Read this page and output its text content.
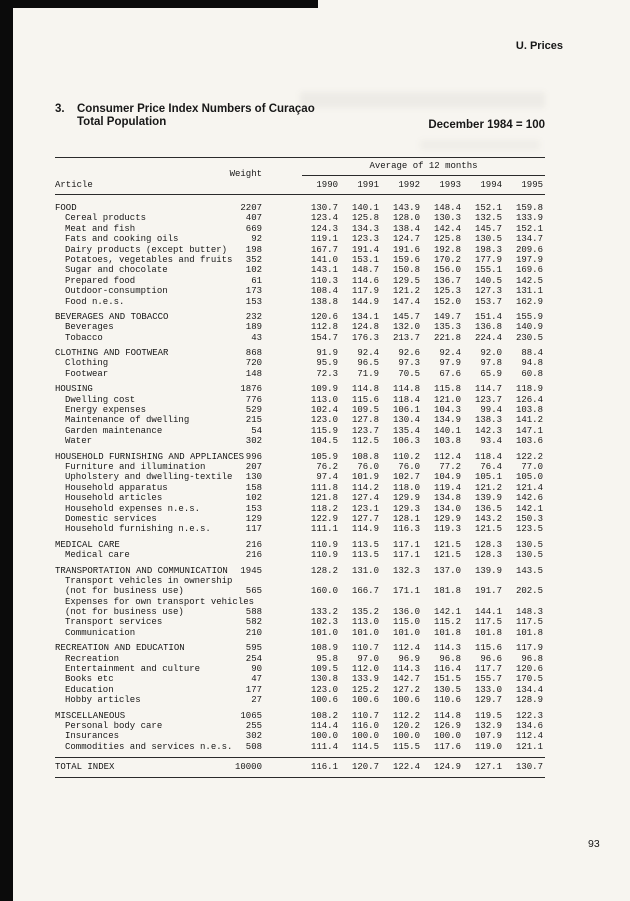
U. Prices
3. Consumer Price Index Numbers of Curaçao
Total Population	December 1984 = 100
Average of 12 months
Weight
Article	1990	1991	1992	1993	1994	1995
FOOD	2207	130.7	140.1	143.9	148.4	152.1	159.8
Cereal products	407	123.4	125.8	128.0	130.3	132.5	133.9
Meat and fish	669	124.3	134.3	138.4	142.4	145.7	152.1
Fats and cooking oils	92	119.1	123.3	124.7	125.8	130.5	134.7
Dairy products (except butter)	198	167.7	191.4	191.6	192.8	198.3	209.6
Potatoes, vegetables and fruits	352	141.0	153.1	159.6	170.2	177.9	197.9
Sugar and chocolate	102	143.1	148.7	150.8	156.0	155.1	169.6
Prepared food	61	110.3	114.6	129.5	136.7	140.5	142.5
Outdoor-consumption	173	108.4	117.9	121.2	125.3	127.3	131.1
Food n.e.s.	153	138.8	144.9	147.4	152.0	153.7	162.9
BEVERAGES AND TOBACCO	232	120.6	134.1	145.7	149.7	151.4	155.9
Beverages	189	112.8	124.8	132.0	135.3	136.8	140.9
Tobacco	43	154.7	176.3	213.7	221.8	224.4	230.5
CLOTHING AND FOOTWEAR	868	91.9	92.4	92.6	92.4	92.0	88.4
Clothing	720	95.9	96.5	97.3	97.9	97.8	94.8
Footwear	148	72.3	71.9	70.5	67.6	65.9	60.8
HOUSING	1876	109.9	114.8	114.8	115.8	114.7	118.9
Dwelling cost	776	113.0	115.6	118.4	121.0	123.7	126.4
Energy expenses	529	102.4	109.5	106.1	104.3	99.4	103.8
Maintenance of dwelling	215	123.0	127.8	130.4	134.9	138.3	141.2
Garden maintenance	54	115.9	123.7	135.4	140.1	142.3	147.1
Water	302	104.5	112.5	106.3	103.8	93.4	103.6
HOUSEHOLD FURNISHING AND APPLIANCES 996	105.9	108.8	110.2	112.4	118.4	122.2
Furniture and illumination	207	76.2	76.0	76.0	77.2	76.4	77.0
Upholstery and dwelling-textile	130	97.4	101.9	102.7	104.9	105.1	105.0
Household apparatus	158	111.8	114.2	118.0	119.4	121.2	121.4
Household articles	102	121.8	127.4	129.9	134.8	139.9	142.6
Household expenses n.e.s.	153	118.2	123.1	129.3	134.0	136.5	142.1
Domestic services	129	122.9	127.7	128.1	129.9	143.2	150.3
Household furnishing n.e.s.	117	111.1	114.9	116.3	119.3	121.5	123.5
MEDICAL CARE	216	110.9	113.5	117.1	121.5	128.3	130.5
Medical care	216	110.9	113.5	117.1	121.5	128.3	130.5
TRANSPORTATION AND COMMUNICATION	1945	128.2	131.0	132.3	137.0	139.9	143.5
Transport vehicles in ownership
(not for business use)	565	160.0	166.7	171.1	181.8	191.7	202.5
Expenses for own transport vehicles
(not for business use)	588	133.2	135.2	136.0	142.1	144.1	148.3
Transport services	582	102.3	113.0	115.0	115.2	117.5	117.5
Communication	210	101.0	101.0	101.0	101.8	101.8	101.8
RECREATION AND EDUCATION	595	108.9	110.7	112.4	114.3	115.6	117.9
Recreation	254	95.8	97.0	96.9	96.8	96.6	96.8
Entertainment and culture	90	109.5	112.0	114.3	116.4	117.7	120.6
Books etc	47	130.8	133.9	142.7	151.5	155.7	170.5
Education	177	123.0	125.2	127.2	130.5	133.0	134.4
Hobby articles	27	100.6	100.6	100.6	110.6	129.7	128.9
MISCELLANEOUS	1065	108.2	110.7	112.2	114.8	119.5	122.3
Personal body care	255	114.4	116.0	120.2	126.9	132.9	134.6
Insurances	302	100.0	100.0	100.0	100.0	107.9	112.4
Commodities and services n.e.s.	508	111.4	114.5	115.5	117.6	119.0	121.1
TOTAL INDEX	10000	116.1	120.7	122.4	124.9	127.1	130.7
93
